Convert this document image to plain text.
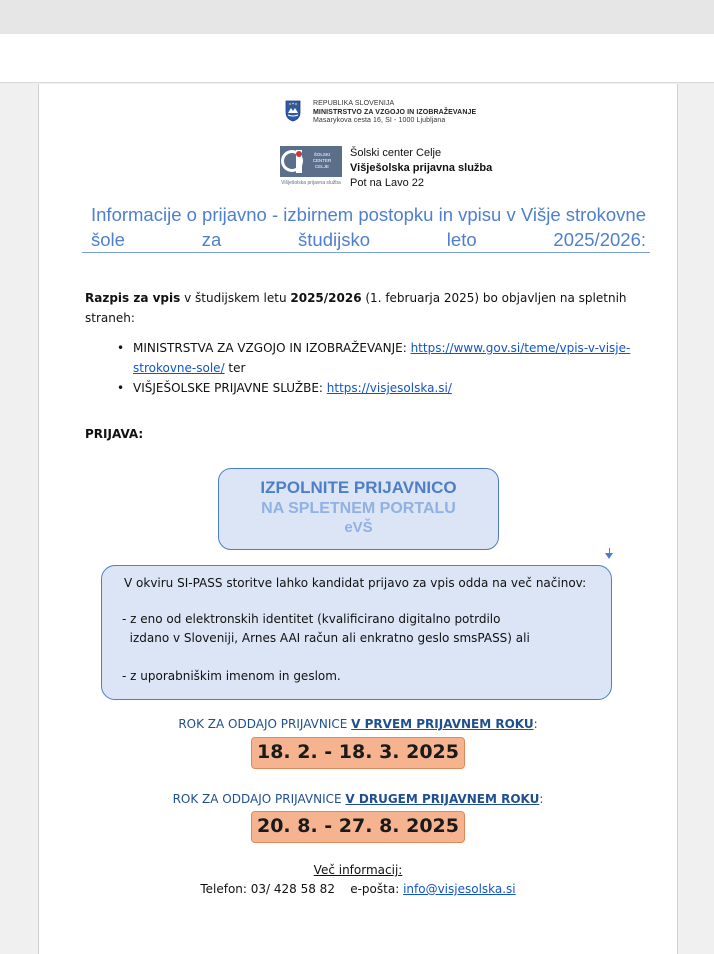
REPUBLIKA SLOVENIJA
MINISTRSTVO ZA VZGOJO IN IZOBRAŽEVANJE
Masarykova cesta 16, SI - 1000 Ljubljana
ŠOLSKI
CENTER
CELJE
Višješolska prijavna služba
Šolski center Celje
Višješolska prijavna služba
Pot na Lavo 22
Informacije o prijavno - izbirnem postopku in vpisu v Višje strokovne šole za študijsko leto 2025/2026:
Razpis za vpis v študijskem letu 2025/2026 (1. februarja 2025) bo objavljen na spletnih straneh:
• MINISTRSTVA ZA VZGOJO IN IZOBRAŽEVANJE: https://www.gov.si/teme/vpis-v-visje-strokovne-sole/ ter
• VIŠJEŠOLSKE PRIJAVNE SLUŽBE: https://visjesolska.si/
PRIJAVA:
IZPOLNITE PRIJAVNICO
NA SPLETNEM PORTALU
eVŠ
V okviru SI-PASS storitve lahko kandidat prijavo za vpis odda na več načinov:
- z eno od elektronskih identitet (kvalificirano digitalno potrdilo
izdano v Sloveniji, Arnes AAI račun ali enkratno geslo smsPASS) ali
- z uporabniškim imenom in geslom.
ROK ZA ODDAJO PRIJAVNICE V PRVEM PRIJAVNEM ROKU:
18. 2. - 18. 3. 2025
ROK ZA ODDAJO PRIJAVNICE V DRUGEM PRIJAVNEM ROKU:
20. 8. - 27. 8. 2025
Več informacij:
Telefon: 03/ 428 58 82 e-pošta: info@visjesolska.si
